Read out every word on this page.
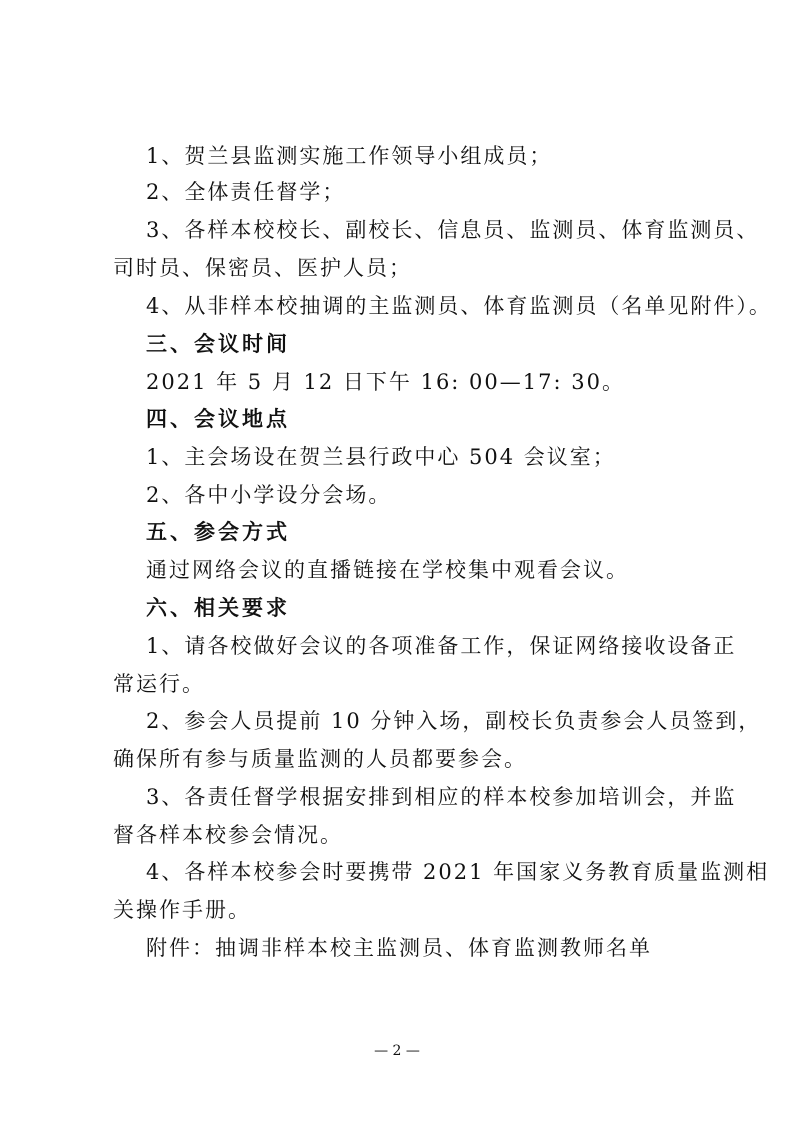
1、贺兰县监测实施工作领导小组成员；
2、全体责任督学；
3、各样本校校长、副校长、信息员、监测员、体育监测员、
司时员、保密员、医护人员；
4、从非样本校抽调的主监测员、体育监测员（名单见附件）。
三、会议时间
2021 年 5 月 12 日下午 16: 00—17: 30。
四、会议地点
1、主会场设在贺兰县行政中心 504 会议室；
2、各中小学设分会场。
五、参会方式
通过网络会议的直播链接在学校集中观看会议。
六、相关要求
1、请各校做好会议的各项准备工作，保证网络接收设备正
常运行。
2、参会人员提前 10 分钟入场，副校长负责参会人员签到，
确保所有参与质量监测的人员都要参会。
3、各责任督学根据安排到相应的样本校参加培训会，并监
督各样本校参会情况。
4、各样本校参会时要携带 2021 年国家义务教育质量监测相
关操作手册。
附件：抽调非样本校主监测员、体育监测教师名单
— 2 —
